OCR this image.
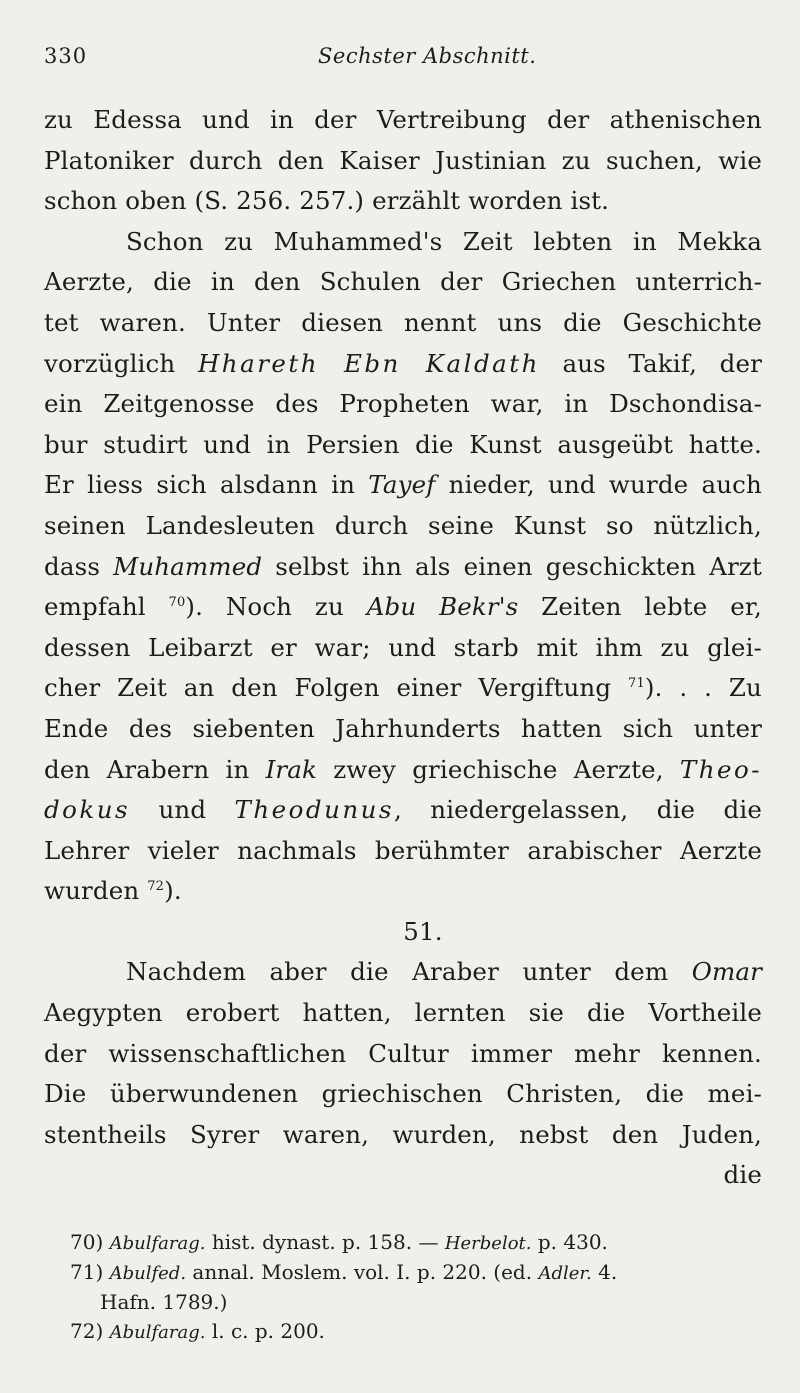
330	Sechster Abschnitt.
zu Edessa und in der Vertreibung der athenischen
Platoniker durch den Kaiser Justinian zu suchen, wie
schon oben (S. 256. 257.) erzählt worden ist.
Schon zu Muhammed's Zeit lebten in Mekka
Aerzte, die in den Schulen der Griechen unterrich-
tet waren. Unter diesen nennt uns die Geschichte
vorzüglich Hhareth Ebn Kaldath aus Takif, der
ein Zeitgenosse des Propheten war, in Dschondisa-
bur studirt und in Persien die Kunst ausgeübt hatte.
Er liess sich alsdann in Tayef nieder, und wurde auch
seinen Landesleuten durch seine Kunst so nützlich,
dass Muhammed selbst ihn als einen geschickten Arzt
empfahl $^{70}$). Noch zu Abu Bekr's Zeiten lebte er,
dessen Leibarzt er war; und starb mit ihm zu glei-
cher Zeit an den Folgen einer Vergiftung $^{71}$). . . Zu
Ende des siebenten Jahrhunderts hatten sich unter
den Arabern in Irak zwey griechische Aerzte, Theo-
dokus und Theodunus, niedergelassen, die die
Lehrer vieler nachmals berühmter arabischer Aerzte
wurden $^{72}$).
51.
Nachdem aber die Araber unter dem Omar
Aegypten erobert hatten, lernten sie die Vortheile
der wissenschaftlichen Cultur immer mehr kennen.
Die überwundenen griechischen Christen, die mei-
stentheils Syrer waren, wurden, nebst den Juden,
die
70) Abulfarag. hist. dynast. p. 158. — Herbelot. p. 430.
71) Abulfed. annal. Moslem. vol. I. p. 220. (ed. Adler. 4.
Hafn. 1789.)
72) Abulfarag. l. c. p. 200.
